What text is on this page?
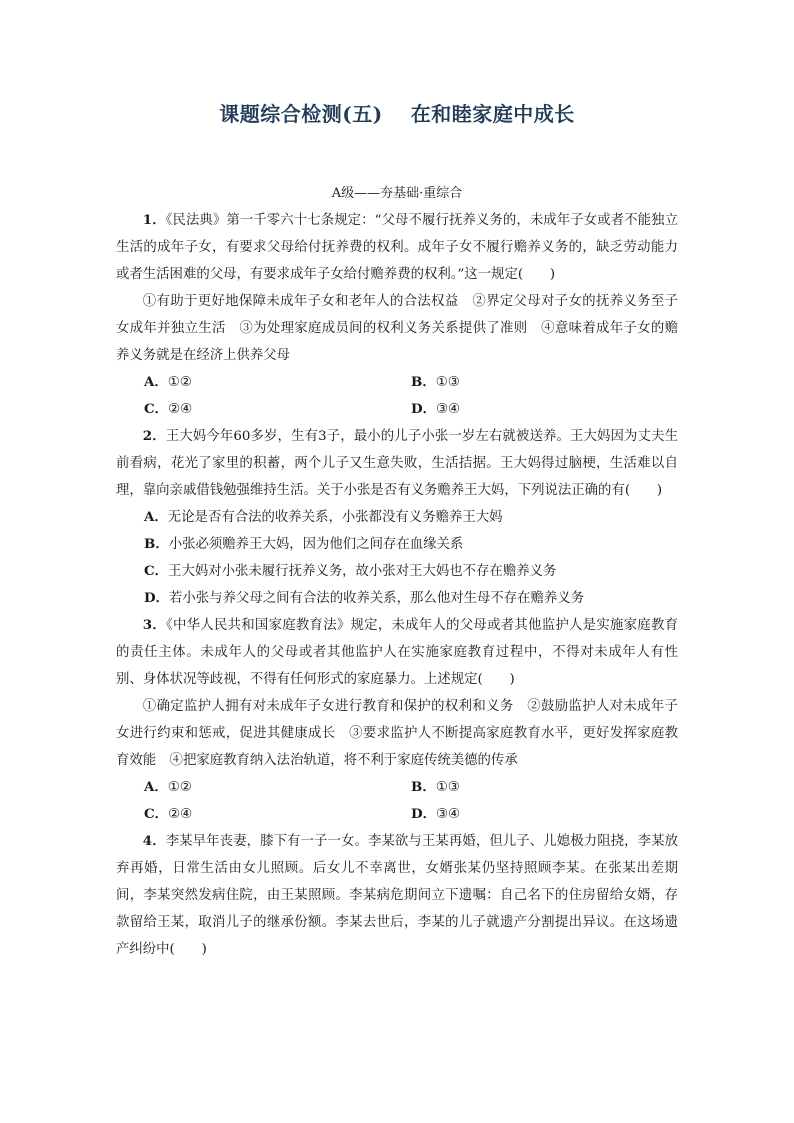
课题综合检测(五) 在和睦家庭中成长
A级——夯基础·重综合

1．《民法典》第一千零六十七条规定：“父母不履行抚养义务的，未成年子女或者不能独立生活的成年子女，有要求父母给付抚养费的权利。成年子女不履行赡养义务的，缺乏劳动能力或者生活困难的父母，有要求成年子女给付赡养费的权利。”这一规定(　　)

①有助于更好地保障未成年子女和老年人的合法权益　②界定父母对子女的抚养义务至子女成年并独立生活　③为处理家庭成员间的权利义务关系提供了准则　④意味着成年子女的赡养义务就是在经济上供养父母

A．①②	B．①③
C．②④	D．③④

2．王大妈今年60多岁，生有3子，最小的儿子小张一岁左右就被送养。王大妈因为丈夫生前看病，花光了家里的积蓄，两个儿子又生意失败，生活拮据。王大妈得过脑梗，生活难以自理，靠向亲戚借钱勉强维持生活。关于小张是否有义务赡养王大妈，下列说法正确的有(　　)

A．无论是否有合法的收养关系，小张都没有义务赡养王大妈
B．小张必须赡养王大妈，因为他们之间存在血缘关系
C．王大妈对小张未履行抚养义务，故小张对王大妈也不存在赡养义务
D．若小张与养父母之间有合法的收养关系，那么他对生母不存在赡养义务

3．《中华人民共和国家庭教育法》规定，未成年人的父母或者其他监护人是实施家庭教育的责任主体。未成年人的父母或者其他监护人在实施家庭教育过程中，不得对未成年人有性别、身体状况等歧视，不得有任何形式的家庭暴力。上述规定(　　)

①确定监护人拥有对未成年子女进行教育和保护的权利和义务　②鼓励监护人对未成年子女进行约束和惩戒，促进其健康成长　③要求监护人不断提高家庭教育水平，更好发挥家庭教育效能　④把家庭教育纳入法治轨道，将不利于家庭传统美德的传承

A．①②	B．①③
C．②④	D．③④

4．李某早年丧妻，膝下有一子一女。李某欲与王某再婚，但儿子、儿媳极力阻挠，李某放弃再婚，日常生活由女儿照顾。后女儿不幸离世，女婿张某仍坚持照顾李某。在张某出差期间，李某突然发病住院，由王某照顾。李某病危期间立下遗嘱：自己名下的住房留给女婿，存款留给王某，取消儿子的继承份额。李某去世后，李某的儿子就遗产分割提出异议。在这场遗产纠纷中(　　)
